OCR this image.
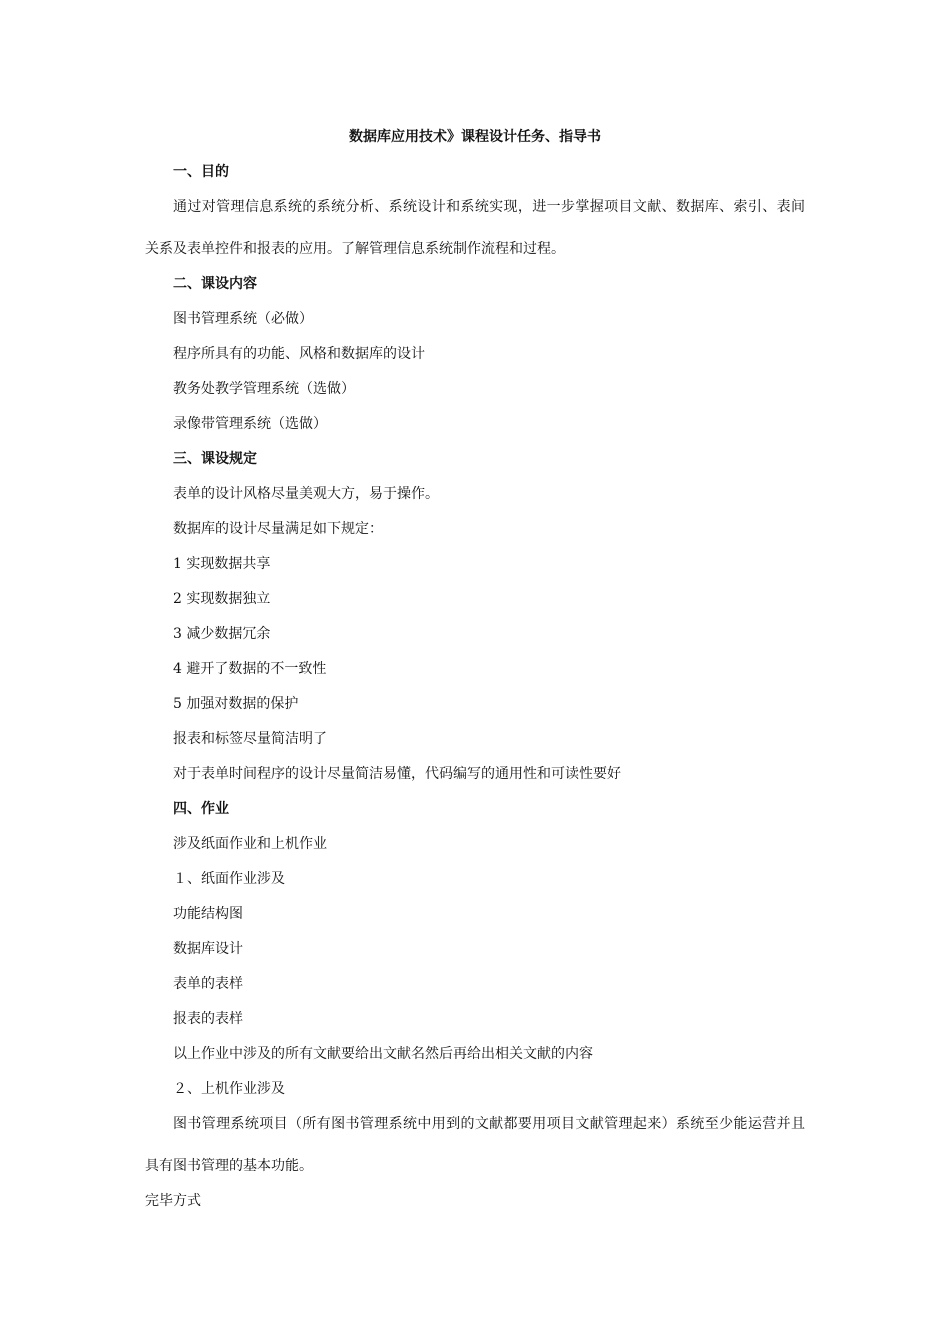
数据库应用技术》课程设计任务、指导书

一、目的

通过对管理信息系统的系统分析、系统设计和系统实现，进一步掌握项目文献、数据库、索引、表间

关系及表单控件和报表的应用。了解管理信息系统制作流程和过程。

二、课设内容

图书管理系统（必做）

程序所具有的功能、风格和数据库的设计

教务处教学管理系统（选做）

录像带管理系统（选做）

三、课设规定

表单的设计风格尽量美观大方，易于操作。

数据库的设计尽量满足如下规定：

1 实现数据共享

2 实现数据独立

3 减少数据冗余

4 避开了数据的不一致性

5 加强对数据的保护

报表和标签尽量简洁明了

对于表单时间程序的设计尽量简洁易懂，代码编写的通用性和可读性要好

四、作业

涉及纸面作业和上机作业

１、纸面作业涉及

功能结构图

数据库设计

表单的表样

报表的表样

以上作业中涉及的所有文献要给出文献名然后再给出相关文献的内容

２、上机作业涉及

图书管理系统项目（所有图书管理系统中用到的文献都要用项目文献管理起来）系统至少能运营并且

具有图书管理的基本功能。

完毕方式
